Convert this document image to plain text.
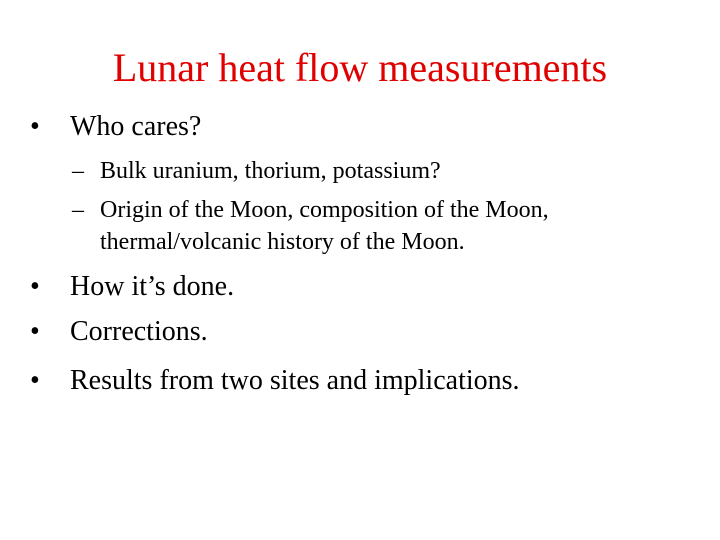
Lunar heat flow measurements
• Who cares?
– Bulk uranium, thorium, potassium?
– Origin of the Moon, composition of the Moon,
thermal/volcanic history of the Moon.
• How it’s done.
• Corrections.
• Results from two sites and implications.
